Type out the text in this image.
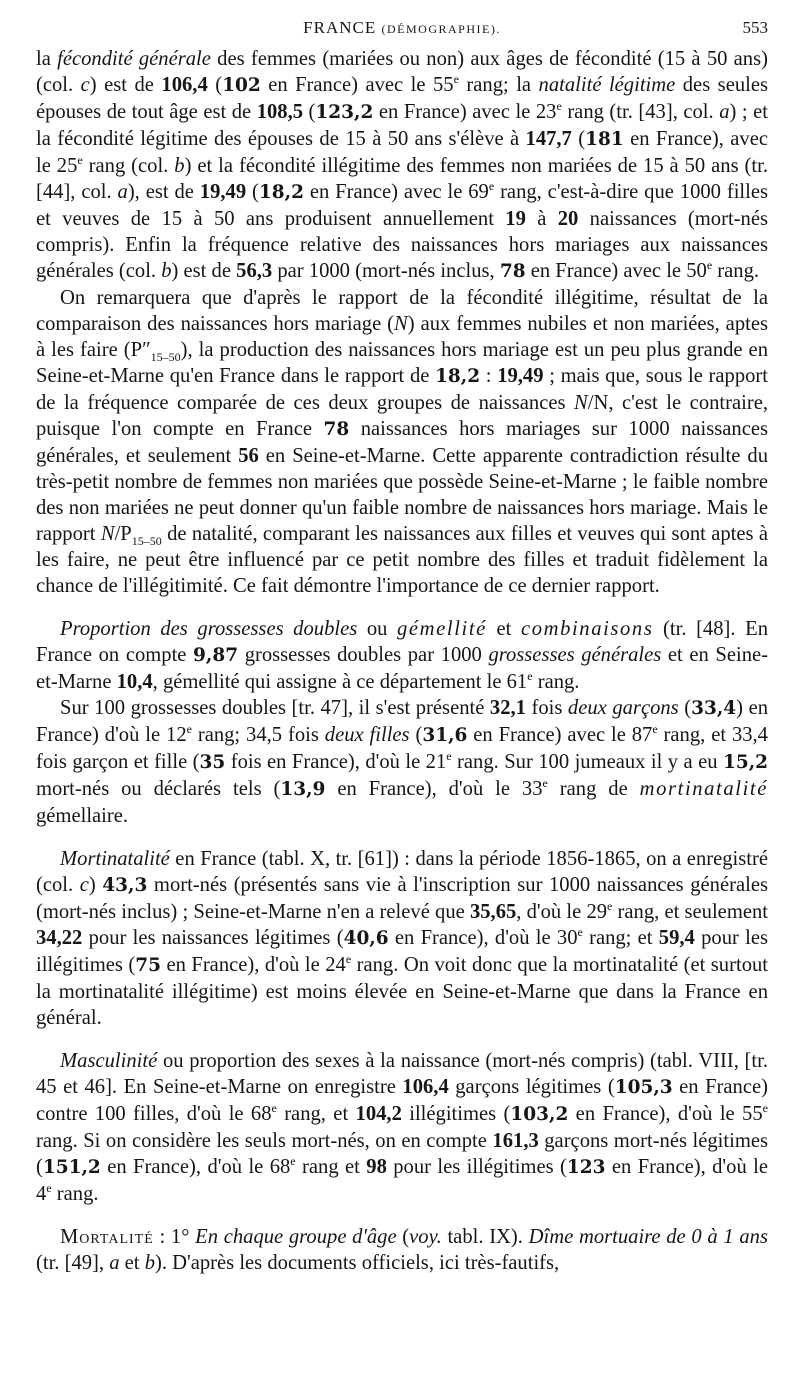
FRANCE (DÉMOGRAPHIE).	553

la fécondité générale des femmes (mariées ou non) aux âges de fécondité (15 à 50 ans) (col. c) est de 106,4 (102 en France) avec le 55e rang; la natalité légitime des seules épouses de tout âge est de 108,5 (123,2 en France) avec le 23e rang (tr. [43], col. a) ; et la fécondité légitime des épouses de 15 à 50 ans s'élève à 147,7 (181 en France), avec le 25e rang (col. b) et la fécondité illégitime des femmes non mariées de 15 à 50 ans (tr. [44], col. a), est de 19,49 (18,2 en France) avec le 69e rang, c'est-à-dire que 1000 filles et veuves de 15 à 50 ans produisent annuellement 19 à 20 naissances (mort-nés compris). Enfin la fréquence relative des naissances hors mariages aux naissances générales (col. b) est de 56,3 par 1000 (mort-nés inclus, 78 en France) avec le 50e rang.

On remarquera que d'après le rapport de la fécondité illégitime, résultat de la comparaison des naissances hors mariage (N) aux femmes nubiles et non mariées, aptes à les faire $(P''_{15-50})$, la production des naissances hors mariage est un peu plus grande en Seine-et-Marne qu'en France dans le rapport de 18,2 : 19,49 ; mais que, sous le rapport de la fréquence comparée de ces deux groupes de naissances N/N, c'est le contraire, puisque l'on compte en France 78 naissances hors mariages sur 1000 naissances générales, et seulement 56 en Seine-et-Marne. Cette apparente contradiction résulte du très-petit nombre de femmes non mariées que possède Seine-et-Marne ; le faible nombre des non mariées ne peut donner qu'un faible nombre de naissances hors mariage. Mais le rapport $N/P_{15-50}$ de natalité, comparant les naissances aux filles et veuves qui sont aptes à les faire, ne peut être influencé par ce petit nombre des filles et traduit fidèlement la chance de l'illégitimité. Ce fait démontre l'importance de ce dernier rapport.

Proportion des grossesses doubles ou gémellité et combinaisons (tr. [48]. En France on compte 9,87 grossesses doubles par 1000 grossesses générales et en Seine-et-Marne 10,4, gémellité qui assigne à ce département le 61e rang.

Sur 100 grossesses doubles [tr. 47], il s'est présenté 32,1 fois deux garçons (33,4) en France) d'où le 12e rang; 34,5 fois deux filles (31,6 en France) avec le 87e rang, et 33,4 fois garçon et fille (35 fois en France), d'où le 21e rang. Sur 100 jumeaux il y a eu 15,2 mort-nés ou déclarés tels (13,9 en France), d'où le 33e rang de mortinatalité gémellaire.

Mortinatalité en France (tabl. X, tr. [61]) : dans la période 1856-1865, on a enregistré (col. c) 43,3 mort-nés (présentés sans vie à l'inscription sur 1000 naissances générales (mort-nés inclus) ; Seine-et-Marne n'en a relevé que 35,65, d'où le 29e rang, et seulement 34,22 pour les naissances légitimes (40,6 en France), d'où le 30e rang; et 59,4 pour les illégitimes (75 en France), d'où le 24e rang. On voit donc que la mortinatalité (et surtout la mortinatalité illégitime) est moins élevée en Seine-et-Marne que dans la France en général.

Masculinité ou proportion des sexes à la naissance (mort-nés compris) (tabl. VIII, [tr. 45 et 46]. En Seine-et-Marne on enregistre 106,4 garçons légitimes (105,3 en France) contre 100 filles, d'où le 68e rang, et 104,2 illégitimes (103,2 en France), d'où le 55e rang. Si on considère les seuls mort-nés, on en compte 161,3 garçons mort-nés légitimes (151,2 en France), d'où le 68e rang et 98 pour les illégitimes (123 en France), d'où le 4e rang.

Mortalité : 1° En chaque groupe d'âge (voy. tabl. IX). Dîme mortuaire de 0 à 1 ans (tr. [49], a et b). D'après les documents officiels, ici très-fautifs,
